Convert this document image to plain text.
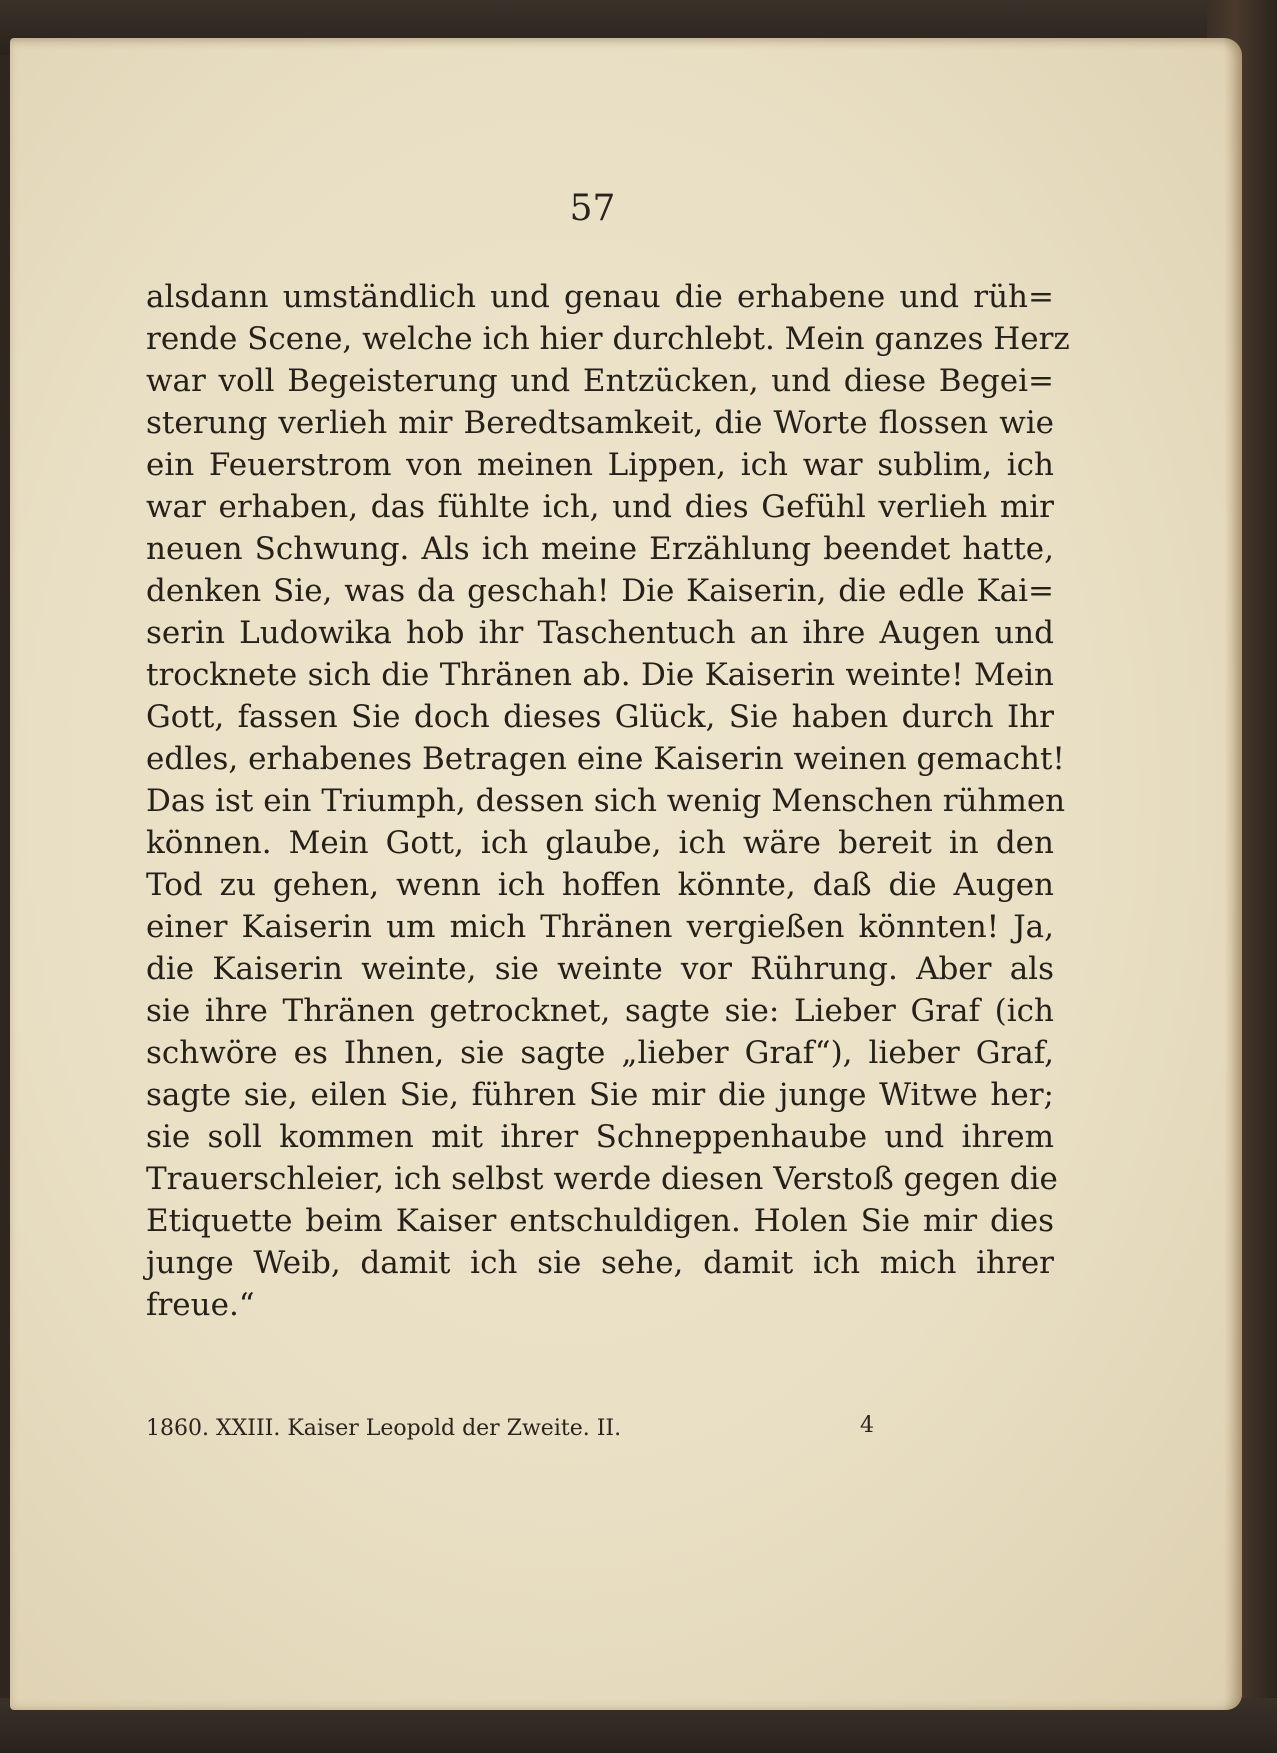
57

alsdann umständlich und genau die erhabene und rüh=
rende Scene, welche ich hier durchlebt. Mein ganzes Herz
war voll Begeisterung und Entzücken, und diese Begei=
sterung verlieh mir Beredtsamkeit, die Worte flossen wie
ein Feuerstrom von meinen Lippen, ich war sublim, ich
war erhaben, das fühlte ich, und dies Gefühl verlieh mir
neuen Schwung. Als ich meine Erzählung beendet hatte,
denken Sie, was da geschah! Die Kaiserin, die edle Kai=
serin Ludowika hob ihr Taschentuch an ihre Augen und
trocknete sich die Thränen ab. Die Kaiserin weinte! Mein
Gott, fassen Sie doch dieses Glück, Sie haben durch Ihr
edles, erhabenes Betragen eine Kaiserin weinen gemacht!
Das ist ein Triumph, dessen sich wenig Menschen rühmen
können. Mein Gott, ich glaube, ich wäre bereit in den
Tod zu gehen, wenn ich hoffen könnte, daß die Augen
einer Kaiserin um mich Thränen vergießen könnten! Ja,
die Kaiserin weinte, sie weinte vor Rührung. Aber als
sie ihre Thränen getrocknet, sagte sie: Lieber Graf (ich
schwöre es Ihnen, sie sagte „lieber Graf“), lieber Graf,
sagte sie, eilen Sie, führen Sie mir die junge Witwe her;
sie soll kommen mit ihrer Schneppenhaube und ihrem
Trauerschleier, ich selbst werde diesen Verstoß gegen die
Etiquette beim Kaiser entschuldigen. Holen Sie mir dies
junge Weib, damit ich sie sehe, damit ich mich ihrer
freue.“
1860. XXIII. Kaiser Leopold der Zweite. II.	4
